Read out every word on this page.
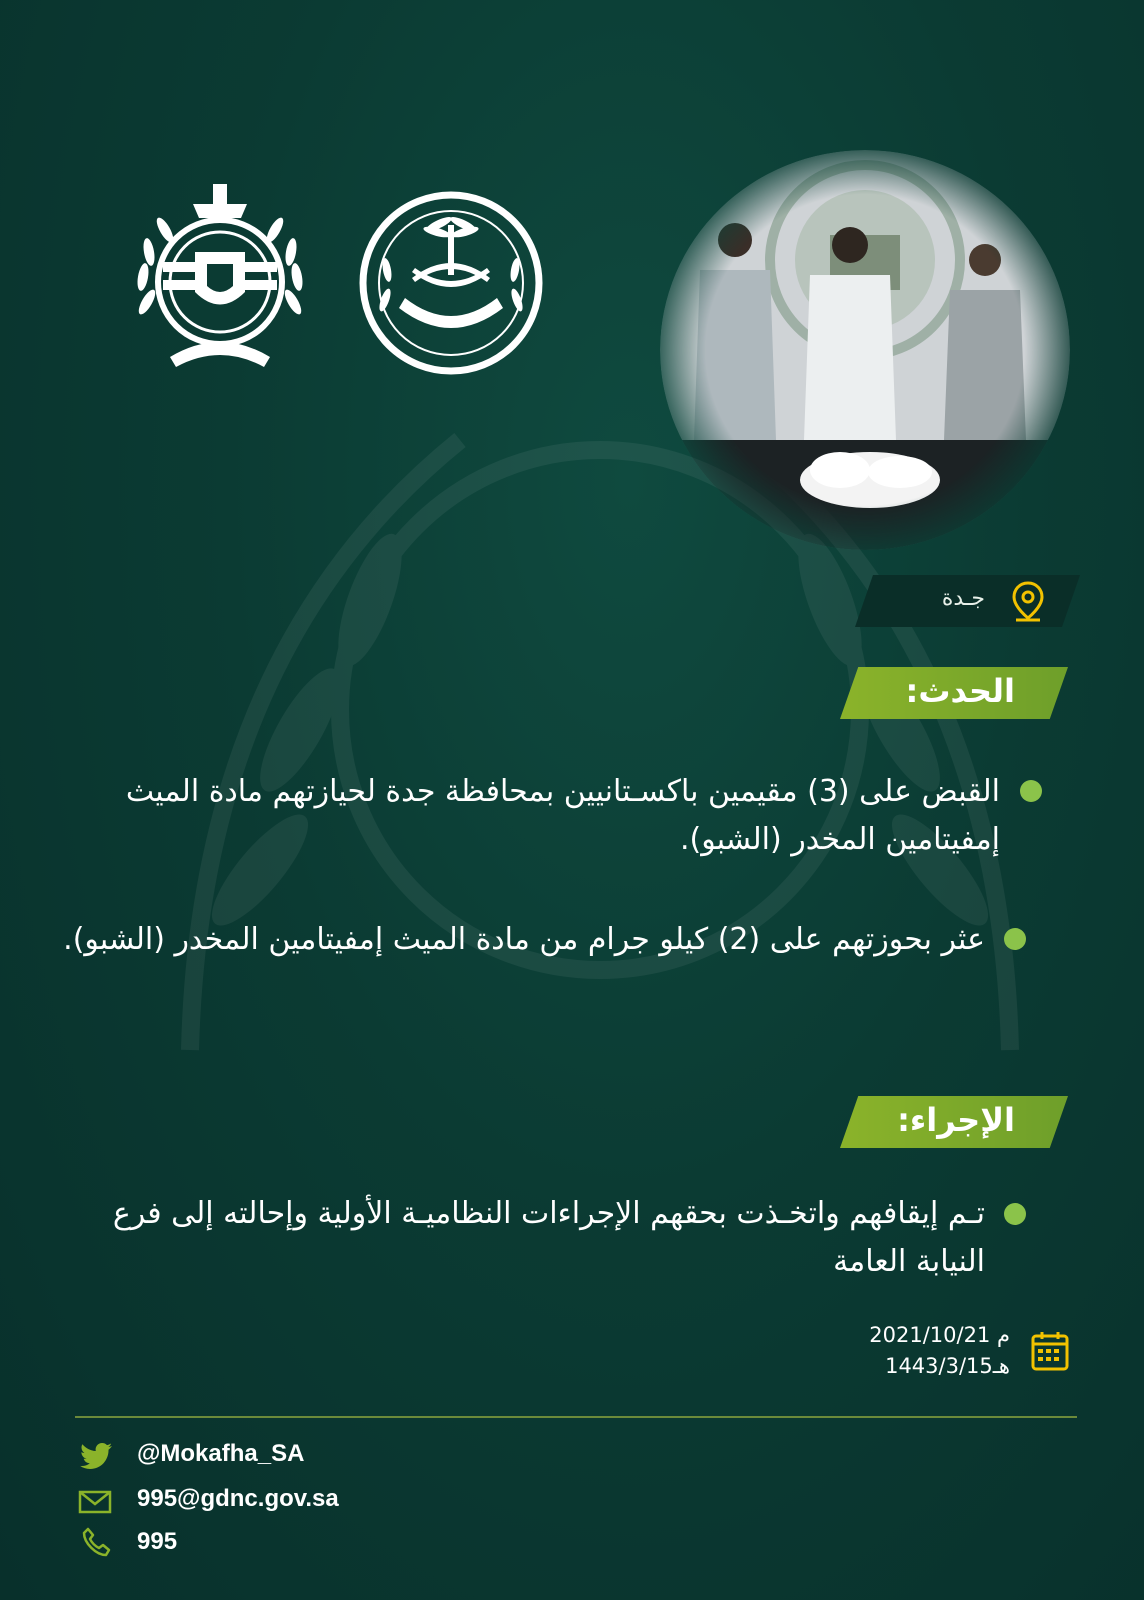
جـدة
الحدث:
القبض على (3) مقيمين باكسـتانيين بمحافظة جدة لحيازتهم مادة الميث إمفيتامين المخدر (الشبو).
عثر بحوزتهم على (2) كيلو جرام من مادة الميث إمفيتامين المخدر (الشبو).
الإجراء:
تـم إيقافهم واتخـذت بحقهم الإجراءات النظاميـة الأولية وإحالته إلى فرع النيابة العامة
2021/10/21 م
1443/3/15هـ
@Mokafha_SA
995@gdnc.gov.sa
995
